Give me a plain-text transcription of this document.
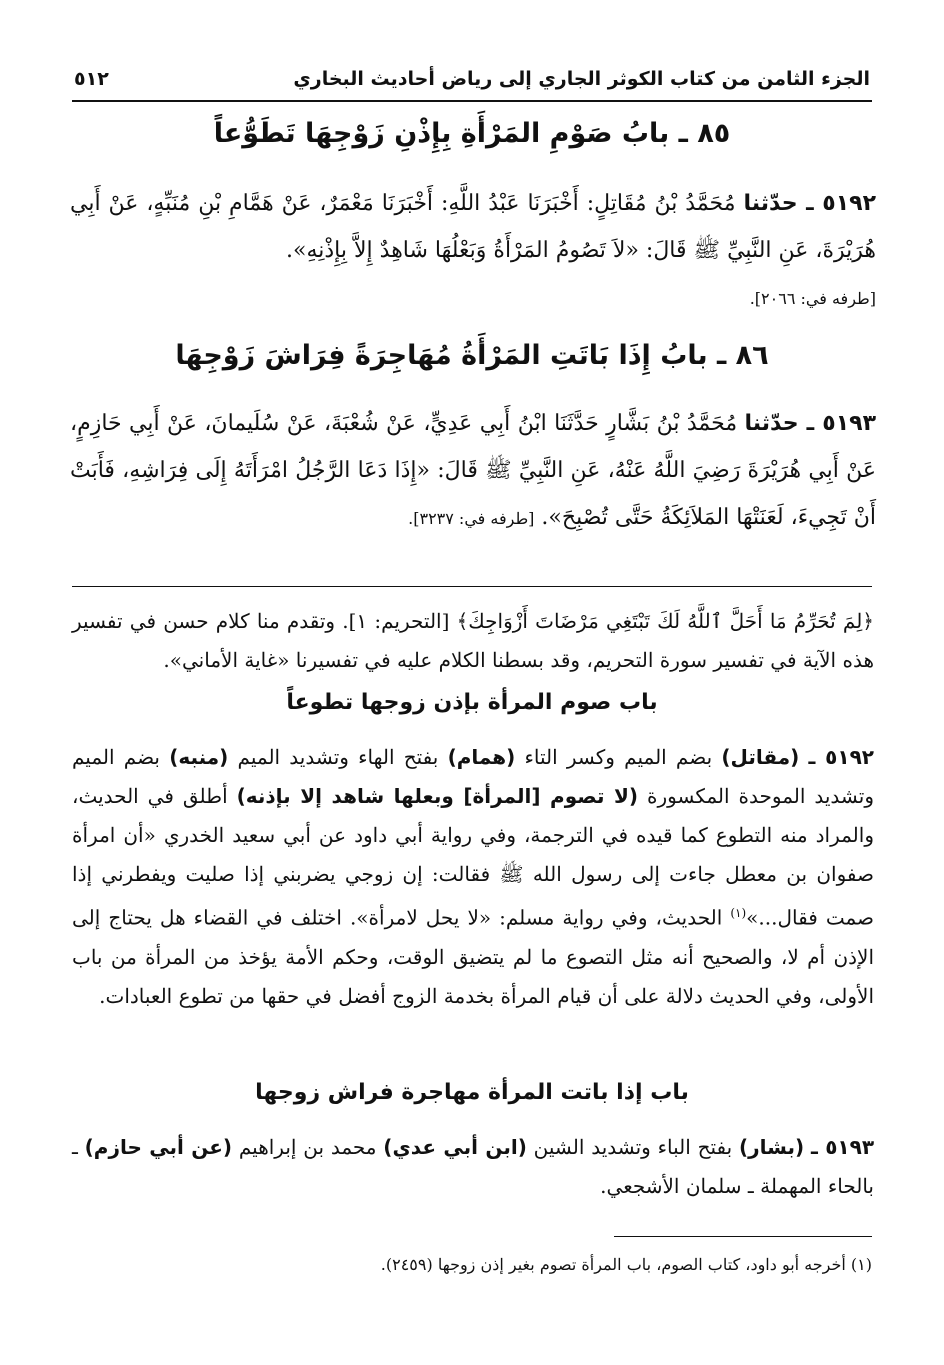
الجزء الثامن من كتاب الكوثر الجاري إلى رياض أحاديث البخاري
٥١٢
٨٥ ـ بابُ صَوْمِ المَرْأَةِ بِإِذْنِ زَوْجِهَا تَطَوُّعاً
٥١٩٢ ـ حدّثنا مُحَمَّدُ بْنُ مُقَاتِلٍ: أَخْبَرَنَا عَبْدُ اللَّهِ: أَخْبَرَنَا مَعْمَرٌ، عَنْ هَمَّامِ بْنِ مُنَبِّهٍ، عَنْ أَبِي هُرَيْرَةَ، عَنِ النَّبِيِّ ﷺ قَالَ: «لاَ تَصُومُ المَرْأَةُ وَبَعْلُهَا شَاهِدٌ إِلاَّ بِإِذْنِهِ».
[طرفه في: ٢٠٦٦].
٨٦ ـ بابُ إِذَا بَاتَتِ المَرْأَةُ مُهَاجِرَةً فِرَاشَ زَوْجِهَا
٥١٩٣ ـ حدّثنا مُحَمَّدُ بْنُ بَشَّارٍ حَدَّثَنَا ابْنُ أَبِي عَدِيٍّ، عَنْ شُعْبَةَ، عَنْ سُلَيمانَ، عَنْ أَبِي حَازِمٍ، عَنْ أَبِي هُرَيْرَةَ رَضِيَ اللَّهُ عَنْهُ، عَنِ النَّبِيِّ ﷺ قَالَ: «إِذَا دَعَا الرَّجُلُ امْرَأَتَهُ إِلَى فِرَاشِهِ، فَأَبَتْ أَنْ تَجِيءَ، لَعَنَتْهَا المَلاَئِكَةُ حَتَّى تُصْبِحَ». [طرفه في: ٣٢٣٧].
﴿لِمَ تُحَرِّمُ مَا أَحَلَّ ٱللَّهُ لَكَ تَبْتَغِي مَرْضَاتَ أَزْوَاجِكَ﴾ [التحريم: ١]. وتقدم منا كلام حسن في تفسير هذه الآية في تفسير سورة التحريم، وقد بسطنا الكلام عليه في تفسيرنا «غاية الأماني».
باب صوم المرأة بإذن زوجها تطوعاً
٥١٩٢ ـ (مقاتل) بضم الميم وكسر التاء (همام) بفتح الهاء وتشديد الميم (منبه) بضم الميم وتشديد الموحدة المكسورة (لا تصوم [المرأة] وبعلها شاهد إلا بإذنه) أطلق في الحديث، والمراد منه التطوع كما قيده في الترجمة، وفي رواية أبي داود عن أبي سعيد الخدري «أن امرأة صفوان بن معطل جاءت إلى رسول الله ﷺ فقالت: إن زوجي يضربني إذا صليت ويفطرني إذا صمت فقال...»$^{(١)}$ الحديث، وفي رواية مسلم: «لا يحل لامرأة». اختلف في القضاء هل يحتاج إلى الإذن أم لا، والصحيح أنه مثل التصوع ما لم يتضيق الوقت، وحكم الأمة يؤخذ من المرأة من باب الأولى، وفي الحديث دلالة على أن قيام المرأة بخدمة الزوج أفضل في حقها من تطوع العبادات.
باب إذا باتت المرأة مهاجرة فراش زوجها
٥١٩٣ ـ (بشار) بفتح الباء وتشديد الشين (ابن أبي عدي) محمد بن إبراهيم (عن أبي حازم) ـ بالحاء المهملة ـ سلمان الأشجعي.
(١) أخرجه أبو داود، كتاب الصوم، باب المرأة تصوم بغير إذن زوجها (٢٤٥٩).
